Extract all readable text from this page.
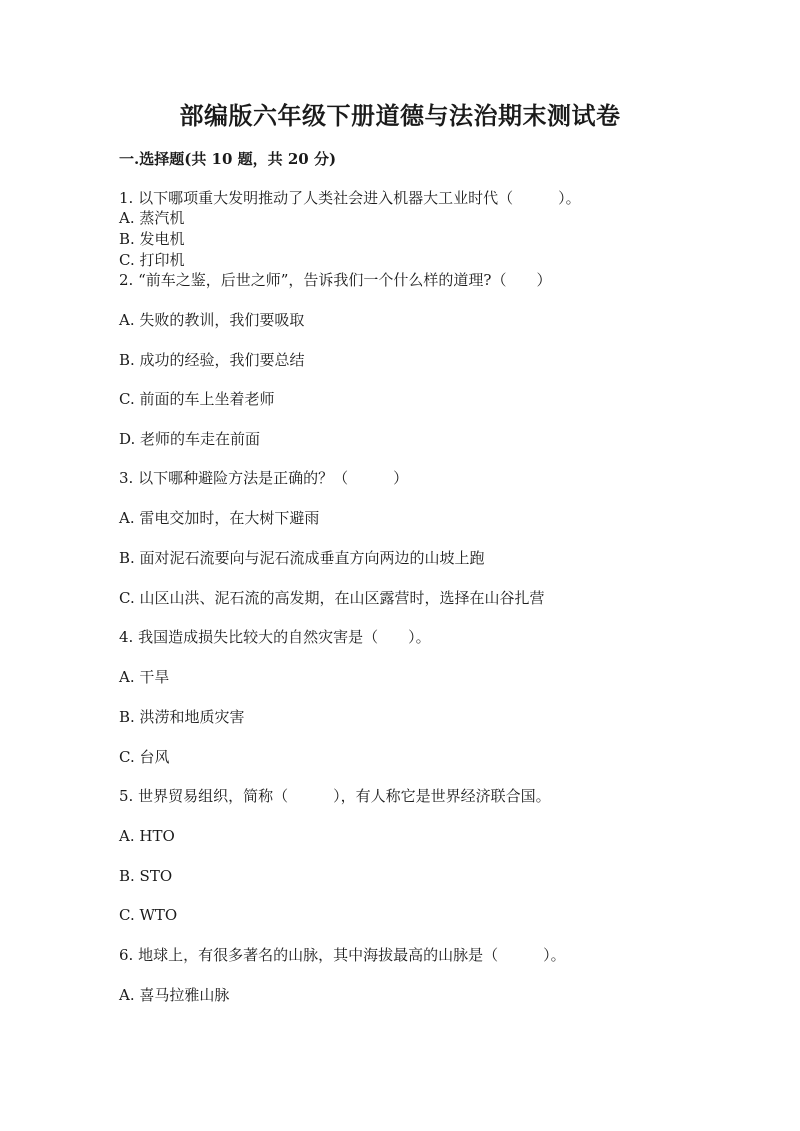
部编版六年级下册道德与法治期末测试卷
一.选择题(共 10 题，共 20 分)
1. 以下哪项重大发明推动了人类社会进入机器大工业时代（　　　）。
A. 蒸汽机
B. 发电机
C. 打印机
2. “前车之鉴，后世之师”，告诉我们一个什么样的道理?（　　）
A. 失败的教训，我们要吸取
B. 成功的经验，我们要总结
C. 前面的车上坐着老师
D. 老师的车走在前面
3. 以下哪种避险方法是正确的？（　　　）
A. 雷电交加时，在大树下避雨
B. 面对泥石流要向与泥石流成垂直方向两边的山坡上跑
C. 山区山洪、泥石流的高发期，在山区露营时，选择在山谷扎营
4. 我国造成损失比较大的自然灾害是（　　）。
A. 干旱
B. 洪涝和地质灾害
C. 台风
5. 世界贸易组织，简称（　　　），有人称它是世界经济联合国。
A. HTO
B. STO
C. WTO
6. 地球上，有很多著名的山脉，其中海拔最高的山脉是（　　　）。
A. 喜马拉雅山脉
